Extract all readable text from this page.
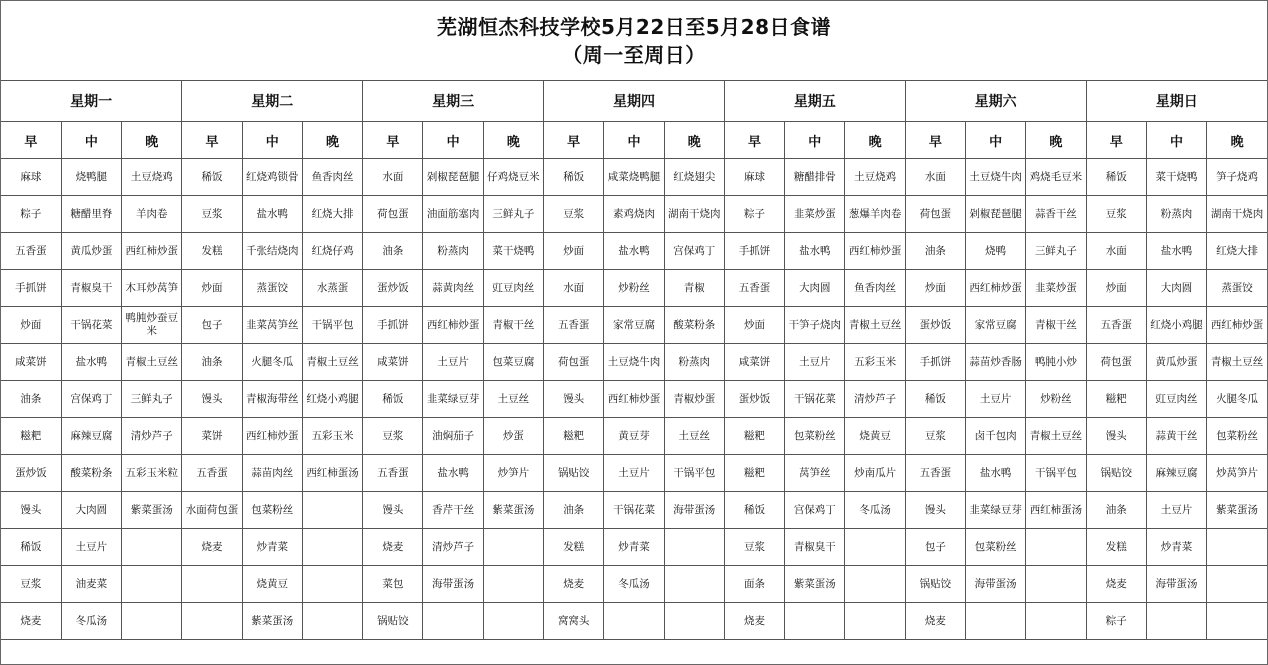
芜湖恒杰科技学校5月22日至5月28日食谱
（周一至周日）
星期一			星期二			星期三			星期四			星期五			星期六			星期日		
早	中	晚	早	中	晚	早	中	晚	早	中	晚	早	中	晚	早	中	晚	早	中	晚
麻球	烧鸭腿	土豆烧鸡	稀饭	红烧鸡锁骨	鱼香肉丝	水面	剁椒琵琶腿	仔鸡烧豆米	稀饭	咸菜烧鸭腿	红烧翅尖	麻球	糖醋排骨	土豆烧鸡	水面	土豆烧牛肉	鸡烧毛豆米	稀饭	菜干烧鸭	笋子烧鸡
粽子	糖醋里脊	羊肉卷	豆浆	盐水鸭	红烧大排	荷包蛋	油面筋塞肉	三鲜丸子	豆浆	素鸡烧肉	湖南干烧肉	粽子	韭菜炒蛋	葱爆羊肉卷	荷包蛋	剁椒琵琶腿	蒜香干丝	豆浆	粉蒸肉	湖南干烧肉
五香蛋	黄瓜炒蛋	西红柿炒蛋	发糕	千张结烧肉	红烧仔鸡	油条	粉蒸肉	菜干烧鸭	炒面	盐水鸭	宫保鸡丁	手抓饼	盐水鸭	西红柿炒蛋	油条	烧鸭	三鲜丸子	水面	盐水鸭	红烧大排
手抓饼	青椒臭干	木耳炒莴笋	炒面	蒸蛋饺	水蒸蛋	蛋炒饭	蒜黄肉丝	豇豆肉丝	水面	炒粉丝	青椒	五香蛋	大肉圆	鱼香肉丝	炒面	西红柿炒蛋	韭菜炒蛋	炒面	大肉圆	蒸蛋饺
炒面	干锅花菜	鸭肫炒蚕豆米	包子	韭菜莴笋丝	干锅平包	手抓饼	西红柿炒蛋	青椒干丝	五香蛋	家常豆腐	酸菜粉条	炒面	干笋子烧肉	青椒土豆丝	蛋炒饭	家常豆腐	青椒干丝	五香蛋	红烧小鸡腿	西红柿炒蛋
咸菜饼	盐水鸭	青椒土豆丝	油条	火腿冬瓜	青椒土豆丝	咸菜饼	土豆片	包菜豆腐	荷包蛋	土豆烧牛肉	粉蒸肉	咸菜饼	土豆片	五彩玉米	手抓饼	蒜苗炒香肠	鸭肫小炒	荷包蛋	黄瓜炒蛋	青椒土豆丝
油条	宫保鸡丁	三鲜丸子	馒头	青椒海带丝	红烧小鸡腿	稀饭	韭菜绿豆芽	土豆丝	馒头	西红柿炒蛋	青椒炒蛋	蛋炒饭	干锅花菜	清炒芦子	稀饭	土豆片	炒粉丝	糍粑	豇豆肉丝	火腿冬瓜
糍粑	麻辣豆腐	清炒芦子	菜饼	西红柿炒蛋	五彩玉米	豆浆	油焖茄子	炒蛋	糍粑	黄豆芽	土豆丝	糍粑	包菜粉丝	烧黄豆	豆浆	卤千包肉	青椒土豆丝	馒头	蒜黄干丝	包菜粉丝
蛋炒饭	酸菜粉条	五彩玉米粒	五香蛋	蒜苗肉丝	西红柿蛋汤	五香蛋	盐水鸭	炒笋片	锅贴饺	土豆片	干锅平包	糍粑	莴笋丝	炒南瓜片	五香蛋	盐水鸭	干锅平包	锅贴饺	麻辣豆腐	炒莴笋片
馒头	大肉圆	紫菜蛋汤	水面荷包蛋	包菜粉丝		馒头	香芹干丝	紫菜蛋汤	油条	干锅花菜	海带蛋汤	稀饭	宫保鸡丁	冬瓜汤	馒头	韭菜绿豆芽	西红柿蛋汤	油条	土豆片	紫菜蛋汤
稀饭	土豆片		烧麦	炒青菜		烧麦	清炒芦子		发糕	炒青菜		豆浆	青椒臭干		包子	包菜粉丝		发糕	炒青菜	
豆浆	油麦菜			烧黄豆		菜包	海带蛋汤		烧麦	冬瓜汤		面条	紫菜蛋汤		锅贴饺	海带蛋汤		烧麦	海带蛋汤	
烧麦	冬瓜汤			紫菜蛋汤		锅贴饺			窝窝头			烧麦			烧麦			粽子		
